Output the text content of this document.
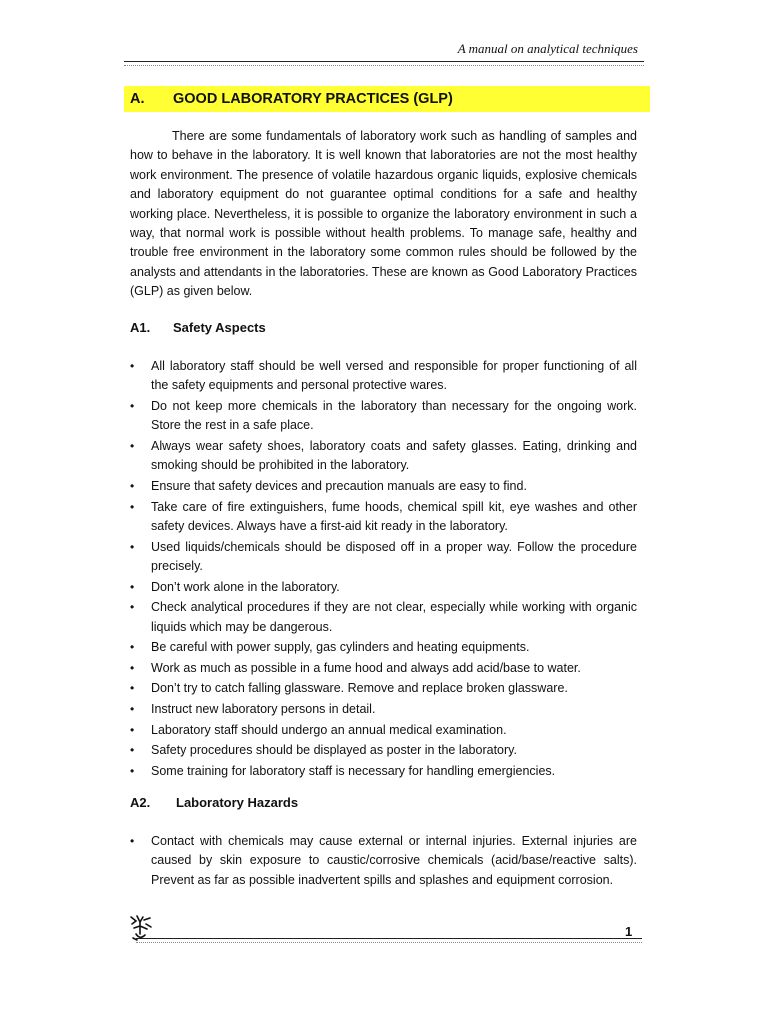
A manual on analytical techniques
A. GOOD LABORATORY PRACTICES (GLP)

There are some fundamentals of laboratory work such as handling of samples and how to behave in the laboratory. It is well known that laboratories are not the most healthy work environment. The presence of volatile hazardous organic liquids, explosive chemicals and laboratory equipment do not guarantee optimal conditions for a safe and healthy working place. Nevertheless, it is possible to organize the laboratory environment in such a way, that normal work is possible without health problems. To manage safe, healthy and trouble free environment in the laboratory some common rules should be followed by the analysts and attendants in the laboratories. These are known as Good Laboratory Practices (GLP) as given below.

A1. Safety Aspects
• All laboratory staff should be well versed and responsible for proper functioning of all the safety equipments and personal protective wares.
• Do not keep more chemicals in the laboratory than necessary for the ongoing work. Store the rest in a safe place.
• Always wear safety shoes, laboratory coats and safety glasses. Eating, drinking and smoking should be prohibited in the laboratory.
• Ensure that safety devices and precaution manuals are easy to find.
• Take care of fire extinguishers, fume hoods, chemical spill kit, eye washes and other safety devices. Always have a first-aid kit ready in the laboratory.
• Used liquids/chemicals should be disposed off in a proper way. Follow the procedure precisely.
• Don’t work alone in the laboratory.
• Check analytical procedures if they are not clear, especially while working with organic liquids which may be dangerous.
• Be careful with power supply, gas cylinders and heating equipments.
• Work as much as possible in a fume hood and always add acid/base to water.
• Don’t try to catch falling glassware. Remove and replace broken glassware.
• Instruct new laboratory persons in detail.
• Laboratory staff should undergo an annual medical examination.
• Safety procedures should be displayed as poster in the laboratory.
• Some training for laboratory staff is necessary for handling emergiencies.
A2. Laboratory Hazards
• Contact with chemicals may cause external or internal injuries. External injuries are caused by skin exposure to caustic/corrosive chemicals (acid/base/reactive salts). Prevent as far as possible inadvertent spills and splashes and equipment corrosion.
1
